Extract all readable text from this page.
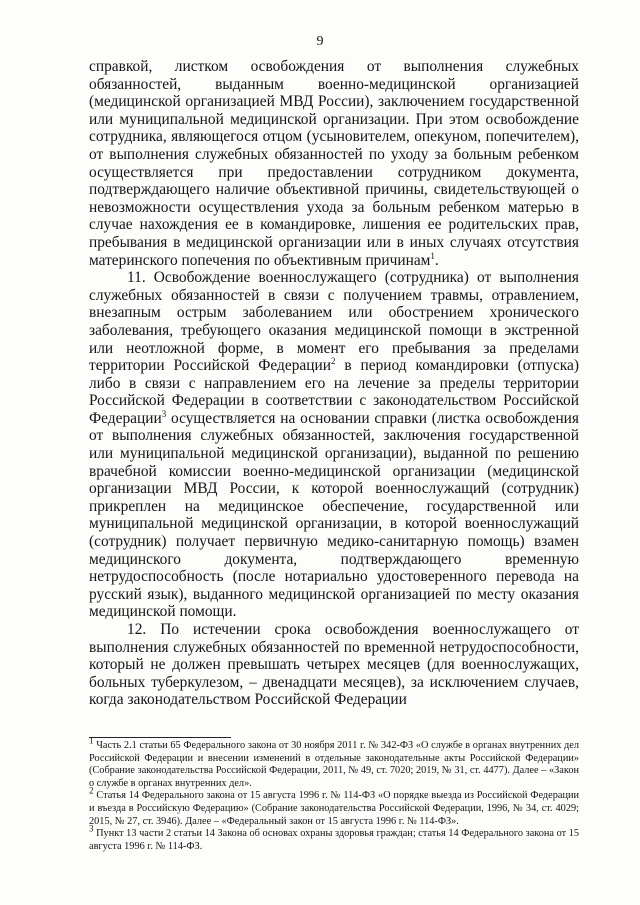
9

справкой, листком освобождения от выполнения служебных обязанностей, выданным военно-медицинской организацией (медицинской организацией МВД России), заключением государственной или муниципальной медицинской организации. При этом освобождение сотрудника, являющегося отцом (усыновителем, опекуном, попечителем), от выполнения служебных обязанностей по уходу за больным ребенком осуществляется при предоставлении сотрудником документа, подтверждающего наличие объективной причины, свидетельствующей о невозможности осуществления ухода за больным ребенком матерью в случае нахождения ее в командировке, лишения ее родительских прав, пребывания в медицинской организации или в иных случаях отсутствия материнского попечения по объективным причинам$^1$.

11. Освобождение военнослужащего (сотрудника) от выполнения служебных обязанностей в связи с получением травмы, отравлением, внезапным острым заболеванием или обострением хронического заболевания, требующего оказания медицинской помощи в экстренной или неотложной форме, в момент его пребывания за пределами территории Российской Федерации$^2$ в период командировки (отпуска) либо в связи с направлением его на лечение за пределы территории Российской Федерации в соответствии с законодательством Российской Федерации$^3$ осуществляется на основании справки (листка освобождения от выполнения служебных обязанностей, заключения государственной или муниципальной медицинской организации), выданной по решению врачебной комиссии военно-медицинской организации (медицинской организации МВД России, к которой военнослужащий (сотрудник) прикреплен на медицинское обеспечение, государственной или муниципальной медицинской организации, в которой военнослужащий (сотрудник) получает первичную медико-санитарную помощь) взамен медицинского документа, подтверждающего временную нетрудоспособность (после нотариально удостоверенного перевода на русский язык), выданного медицинской организацией по месту оказания медицинской помощи.

12. По истечении срока освобождения военнослужащего от выполнения служебных обязанностей по временной нетрудоспособности, который не должен превышать четырех месяцев (для военнослужащих, больных туберкулезом, – двенадцати месяцев), за исключением случаев, когда законодательством Российской Федерации

$^1$ Часть 2.1 статьи 65 Федерального закона от 30 ноября 2011 г. № 342-ФЗ «О службе в органах внутренних дел Российской Федерации и внесении изменений в отдельные законодательные акты Российской Федерации» (Собрание законодательства Российской Федерации, 2011, № 49, ст. 7020; 2019, № 31, ст. 4477). Далее – «Закон о службе в органах внутренних дел».

$^2$ Статья 14 Федерального закона от 15 августа 1996 г. № 114-ФЗ «О порядке выезда из Российской Федерации и въезда в Российскую Федерацию» (Собрание законодательства Российской Федерации, 1996, № 34, ст. 4029; 2015, № 27, ст. 3946). Далее – «Федеральный закон от 15 августа 1996 г. № 114-ФЗ».

$^3$ Пункт 13 части 2 статьи 14 Закона об основах охраны здоровья граждан; статья 14 Федерального закона от 15 августа 1996 г. № 114-ФЗ.
